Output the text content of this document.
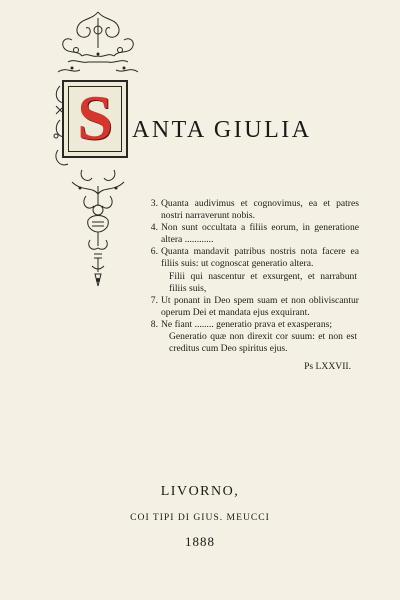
S ANTA GIULIA
3. Quanta audivimus et cognovimus, ea et patres nostri narraverunt nobis.
4. Non sunt occultata a filiis eorum, in generatione altera ............
6. Quanta mandavit patribus nostris nota facere ea filiis suis: ut cognoscat generatio altera.
Filii qui nascentur et exsurgent, et narrabunt filiis suis,
7. Ut ponant in Deo spem suam et non obliviscantur operum Dei et mandata ejus exquirant.
8. Ne fiant ........ generatio prava et exasperans;
Generatio quæ non direxit cor suum: et non est creditus cum Deo spiritus ejus.
Ps LXXVII.
LIVORNO,
COI TIPI DI GIUS. MEUCCI
1888
